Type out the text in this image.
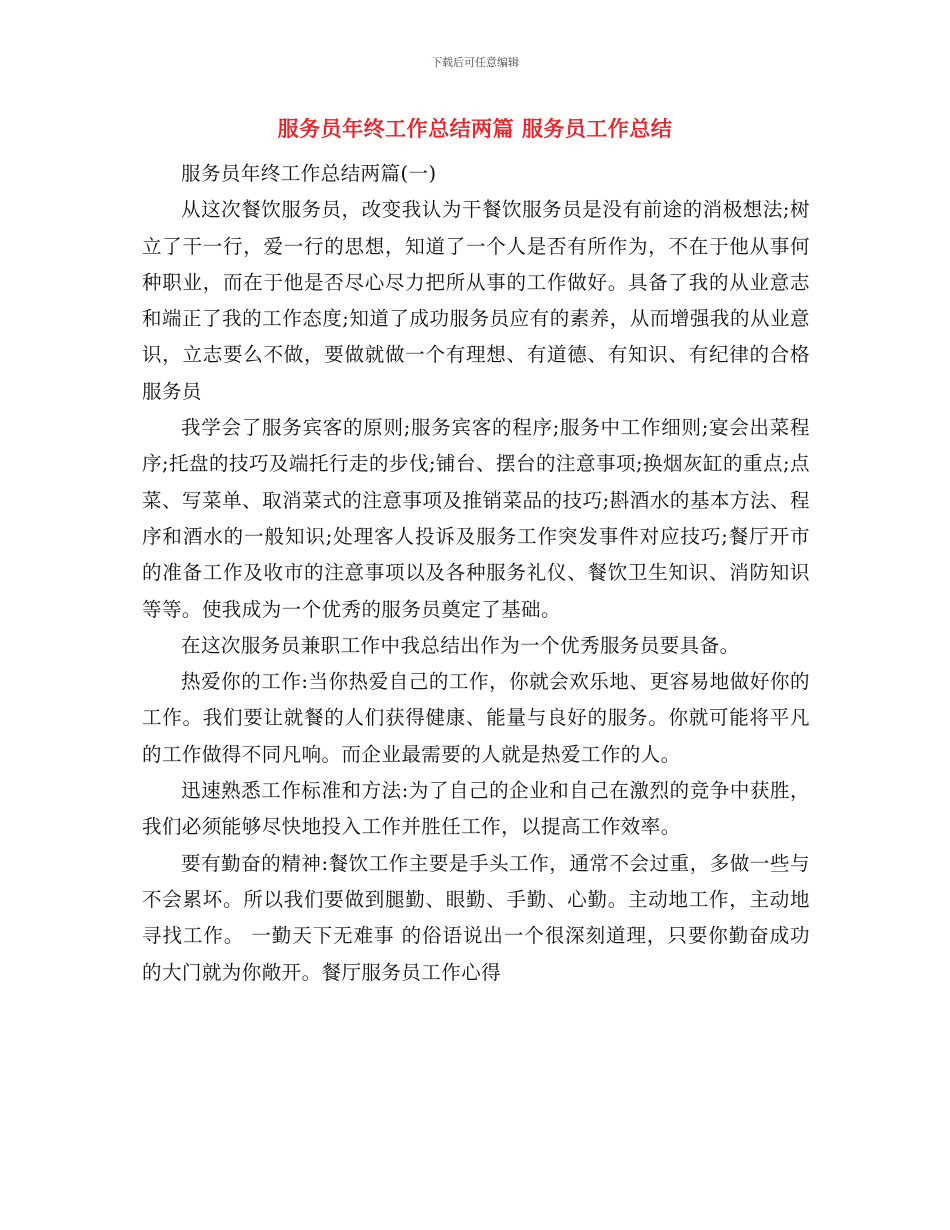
下载后可任意编辑
服务员年终工作总结两篇 服务员工作总结

服务员年终工作总结两篇(一)

从这次餐饮服务员，改变我认为干餐饮服务员是没有前途的消极想法;树立了干一行，爱一行的思想，知道了一个人是否有所作为，不在于他从事何种职业，而在于他是否尽心尽力把所从事的工作做好。具备了我的从业意志和端正了我的工作态度;知道了成功服务员应有的素养，从而增强我的从业意识，立志要么不做，要做就做一个有理想、有道德、有知识、有纪律的合格服务员

我学会了服务宾客的原则;服务宾客的程序;服务中工作细则;宴会出菜程序;托盘的技巧及端托行走的步伐;铺台、摆台的注意事项;换烟灰缸的重点;点菜、写菜单、取消菜式的注意事项及推销菜品的技巧;斟酒水的基本方法、程序和酒水的一般知识;处理客人投诉及服务工作突发事件对应技巧;餐厅开市的准备工作及收市的注意事项以及各种服务礼仪、餐饮卫生知识、消防知识等等。使我成为一个优秀的服务员奠定了基础。

在这次服务员兼职工作中我总结出作为一个优秀服务员要具备。

热爱你的工作:当你热爱自己的工作，你就会欢乐地、更容易地做好你的工作。我们要让就餐的人们获得健康、能量与良好的服务。你就可能将平凡的工作做得不同凡响。而企业最需要的人就是热爱工作的人。

迅速熟悉工作标准和方法:为了自己的企业和自己在激烈的竞争中获胜，我们必须能够尽快地投入工作并胜任工作，以提高工作效率。

要有勤奋的精神:餐饮工作主要是手头工作，通常不会过重，多做一些与不会累坏。所以我们要做到腿勤、眼勤、手勤、心勤。主动地工作，主动地寻找工作。 一勤天下无难事 的俗语说出一个很深刻道理，只要你勤奋成功的大门就为你敞开。餐厅服务员工作心得
